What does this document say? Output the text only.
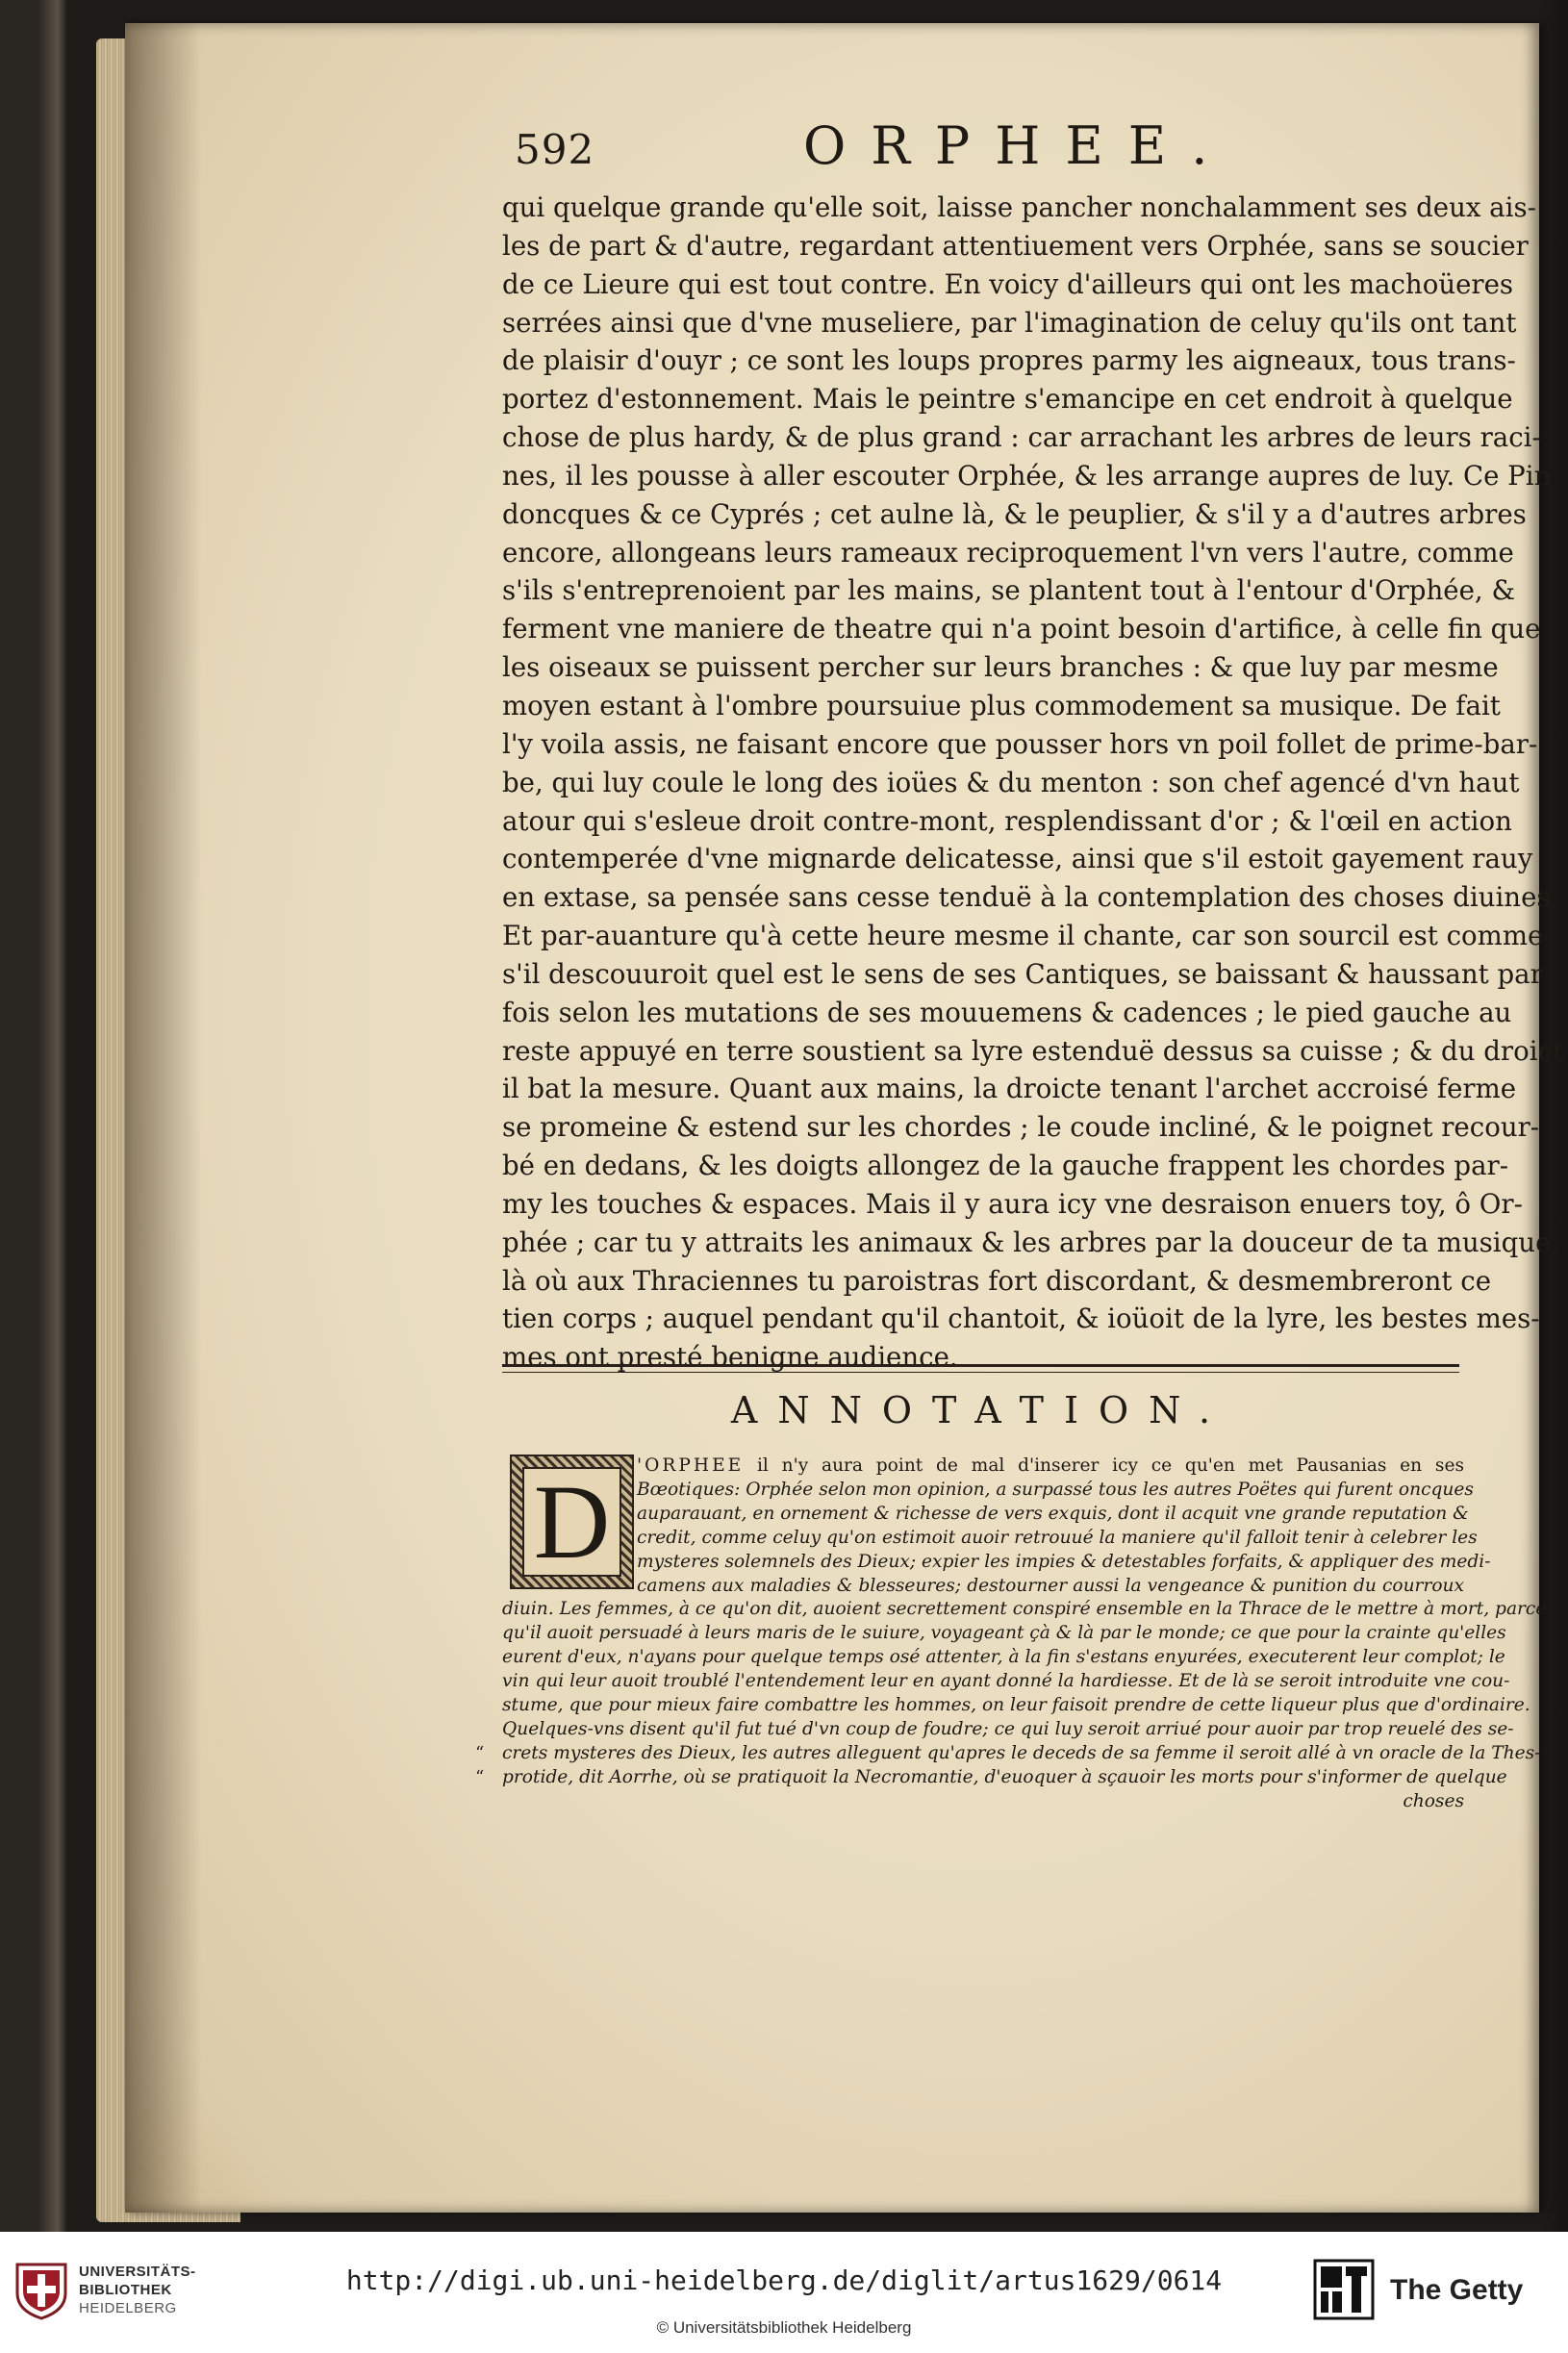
592	ORPHEE.
qui quelque grande qu'elle soit, laisse pancher nonchalamment ses deux ais-
les de part & d'autre, regardant attentiuement vers Orphée, sans se soucier
de ce Lieure qui est tout contre. En voicy d'ailleurs qui ont les machoüeres
serrées ainsi que d'vne museliere, par l'imagination de celuy qu'ils ont tant
de plaisir d'ouyr ; ce sont les loups propres parmy les aigneaux, tous trans-
portez d'estonnement. Mais le peintre s'emancipe en cet endroit à quelque
chose de plus hardy, & de plus grand : car arrachant les arbres de leurs raci-
nes, il les pousse à aller escouter Orphée, & les arrange aupres de luy. Ce Pin
doncques & ce Cyprés ; cet aulne là, & le peuplier, & s'il y a d'autres arbres
encore, allongeans leurs rameaux reciproquement l'vn vers l'autre, comme
s'ils s'entreprenoient par les mains, se plantent tout à l'entour d'Orphée, &
ferment vne maniere de theatre qui n'a point besoin d'artifice, à celle fin que
les oiseaux se puissent percher sur leurs branches : & que luy par mesme
moyen estant à l'ombre poursuiue plus commodement sa musique. De fait
l'y voila assis, ne faisant encore que pousser hors vn poil follet de prime-bar-
be, qui luy coule le long des ioües & du menton : son chef agencé d'vn haut
atour qui s'esleue droit contre-mont, resplendissant d'or ; & l'œil en action
contemperée d'vne mignarde delicatesse, ainsi que s'il estoit gayement rauy
en extase, sa pensée sans cesse tenduë à la contemplation des choses diuines.
Et par-auanture qu'à cette heure mesme il chante, car son sourcil est comme
s'il descouuroit quel est le sens de ses Cantiques, se baissant & haussant par
fois selon les mutations de ses mouuemens & cadences ; le pied gauche au
reste appuyé en terre soustient sa lyre estenduë dessus sa cuisse ; & du droict
il bat la mesure. Quant aux mains, la droicte tenant l'archet accroisé ferme
se promeine & estend sur les chordes ; le coude incliné, & le poignet recour-
bé en dedans, & les doigts allongez de la gauche frappent les chordes par-
my les touches & espaces. Mais il y aura icy vne desraison enuers toy, ô Or-
phée ; car tu y attraits les animaux & les arbres par la douceur de ta musique,
là où aux Thraciennes tu paroistras fort discordant, & desmembreront ce
tien corps ; auquel pendant qu'il chantoit, & ioüoit de la lyre, les bestes mes-
mes ont presté benigne audience.
ANNOTATION.
'ORPHEE il n'y aura point de mal d'inserer icy ce qu'en met Pausanias en ses
Bœotiques: Orphée selon mon opinion, a surpassé tous les autres Poëtes qui furent oncques
auparauant, en ornement & richesse de vers exquis, dont il acquit vne grande reputation &
credit, comme celuy qu'on estimoit auoir retrouué la maniere qu'il falloit tenir à celebrer les
mysteres solemnels des Dieux; expier les impies & detestables forfaits, & appliquer des medi-
camens aux maladies & blesseures; destourner aussi la vengeance & punition du courroux
diuin. Les femmes, à ce qu'on dit, auoient secrettement conspiré ensemble en la Thrace de le mettre à mort, parce
qu'il auoit persuadé à leurs maris de le suiure, voyageant çà & là par le monde; ce que pour la crainte qu'elles
eurent d'eux, n'ayans pour quelque temps osé attenter, à la fin s'estans enyurées, executerent leur complot; le
vin qui leur auoit troublé l'entendement leur en ayant donné la hardiesse. Et de là se seroit introduite vne cou-
stume, que pour mieux faire combattre les hommes, on leur faisoit prendre de cette liqueur plus que d'ordinaire.
Quelques-vns disent qu'il fut tué d'vn coup de foudre; ce qui luy seroit arriué pour auoir par trop reuelé des se-
“	crets mysteres des Dieux, les autres alleguent qu'apres le deceds de sa femme il seroit allé à vn oracle de la Thes-
“	protide, dit Aorrhe, où se pratiquoit la Necromantie, d'euoquer à sçauoir les morts pour s'informer de quelque
choses
D
UNIVERSITÄTS-
BIBLIOTHEK
HEIDELBERG
http://digi.ub.uni-heidelberg.de/diglit/artus1629/0614
© Universitätsbibliothek Heidelberg
The Getty
